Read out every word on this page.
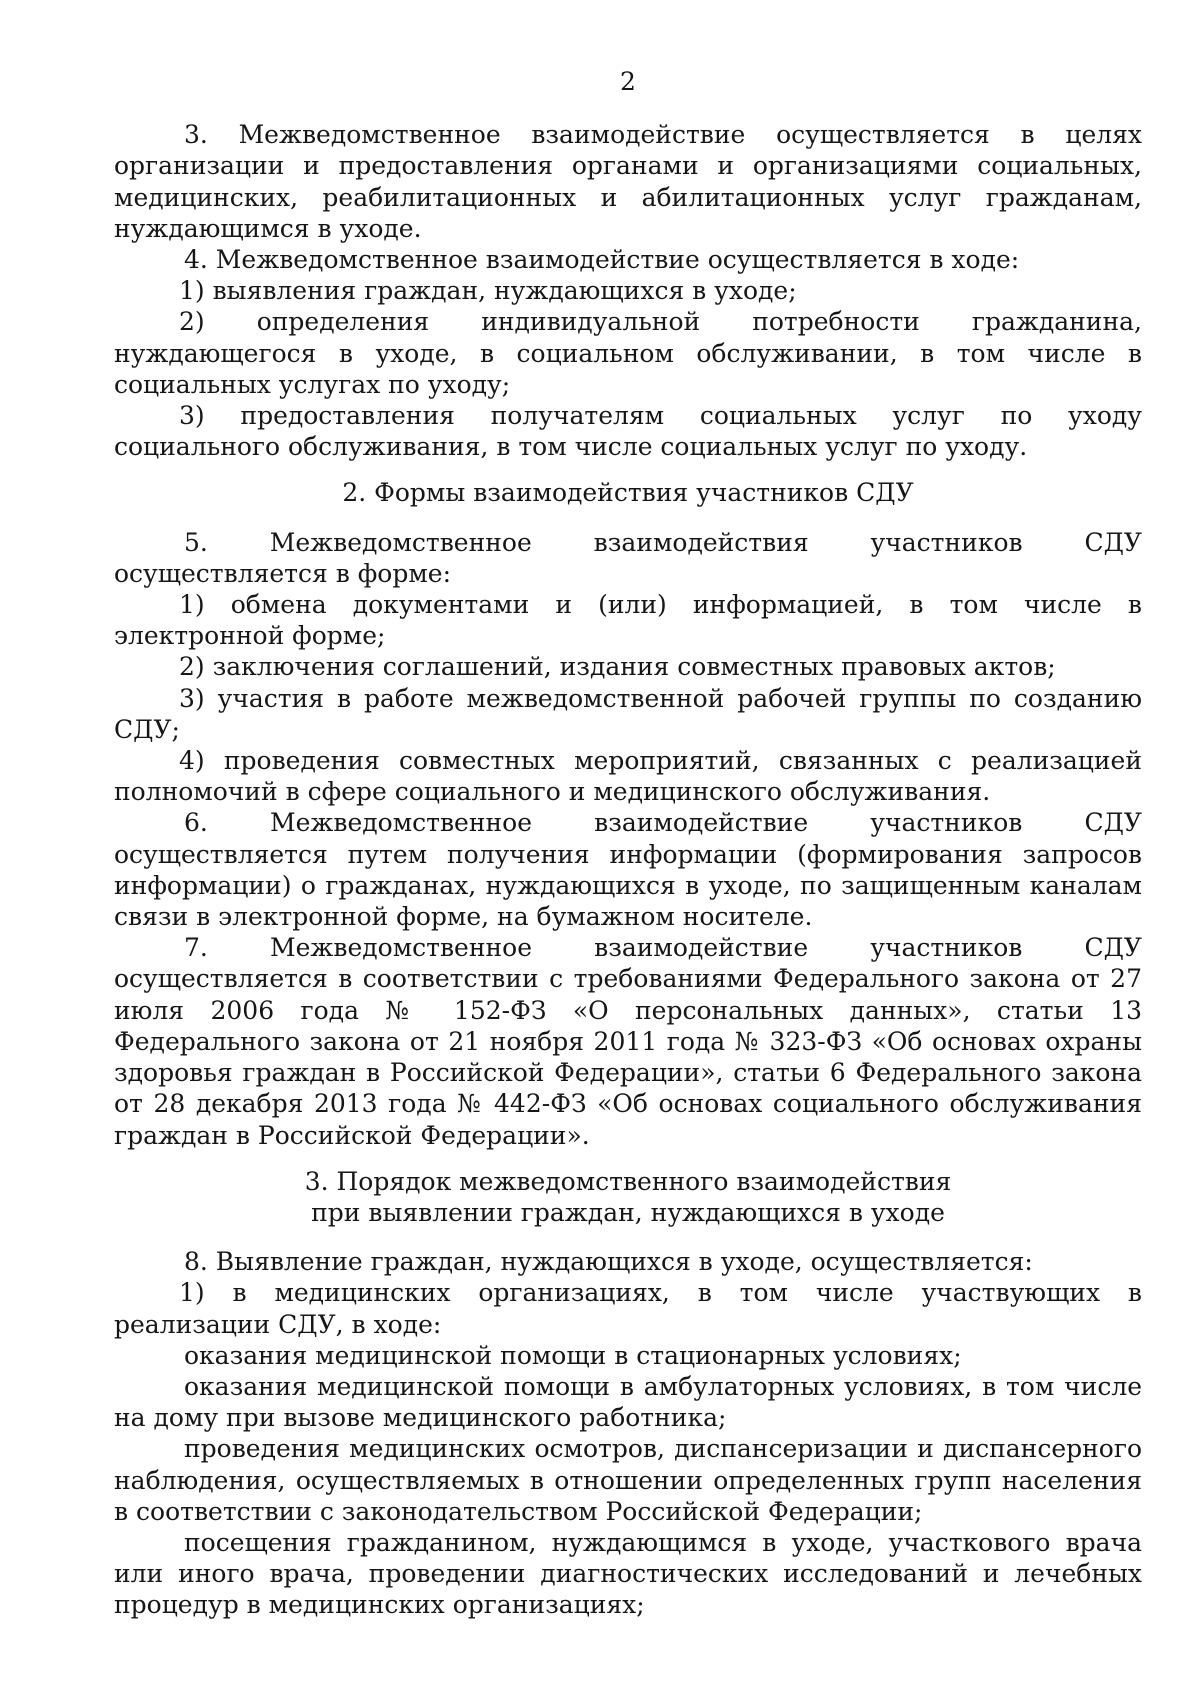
2

3. Межведомственное взаимодействие осуществляется в целях организации и предоставления органами и организациями социальных, медицинских, реабилитационных и абилитационных услуг гражданам, нуждающимся в уходе.

4. Межведомственное взаимодействие осуществляется в ходе:

1) выявления граждан, нуждающихся в уходе;

2) определения индивидуальной потребности гражданина, нуждающегося в уходе, в социальном обслуживании, в том числе в социальных услугах по уходу;

3) предоставления получателям социальных услуг по уходу социального обслуживания, в том числе социальных услуг по уходу.

2. Формы взаимодействия участников СДУ

5. Межведомственное взаимодействия участников СДУ осуществляется в форме:

1) обмена документами и (или) информацией, в том числе в электронной форме;

2) заключения соглашений, издания совместных правовых актов;

3) участия в работе межведомственной рабочей группы по созданию СДУ;

4) проведения совместных мероприятий, связанных с реализацией полномочий в сфере социального и медицинского обслуживания.

6. Межведомственное взаимодействие участников СДУ осуществляется путем получения информации (формирования запросов информации) о гражданах, нуждающихся в уходе, по защищенным каналам связи в электронной форме, на бумажном носителе.

7. Межведомственное взаимодействие участников СДУ осуществляется в соответствии с требованиями Федерального закона от 27 июля 2006 года № 152-ФЗ «О персональных данных», статьи 13 Федерального закона от 21 ноября 2011 года № 323-ФЗ «Об основах охраны здоровья граждан в Российской Федерации», статьи 6 Федерального закона от 28 декабря 2013 года № 442-ФЗ «Об основах социального обслуживания граждан в Российской Федерации».

3. Порядок межведомственного взаимодействия
при выявлении граждан, нуждающихся в уходе

8. Выявление граждан, нуждающихся в уходе, осуществляется:

1) в медицинских организациях, в том числе участвующих в реализации СДУ, в ходе:

оказания медицинской помощи в стационарных условиях;

оказания медицинской помощи в амбулаторных условиях, в том числе на дому при вызове медицинского работника;

проведения медицинских осмотров, диспансеризации и диспансерного наблюдения, осуществляемых в отношении определенных групп населения в соответствии с законодательством Российской Федерации;

посещения гражданином, нуждающимся в уходе, участкового врача или иного врача, проведении диагностических исследований и лечебных процедур в медицинских организациях;
